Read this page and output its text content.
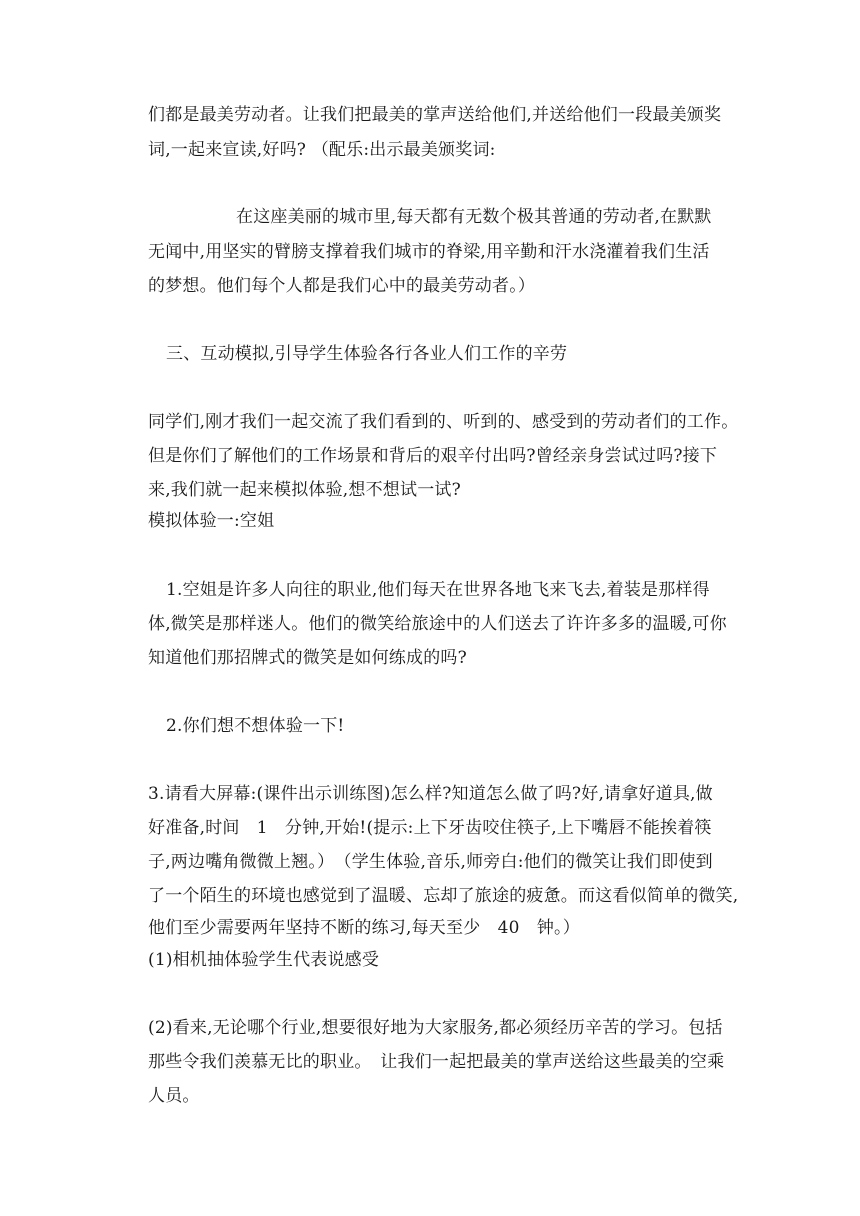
们都是最美劳动者。让我们把最美的掌声送给他们,并送给他们一段最美颁奖
词,一起来宣读,好吗? （配乐:出示最美颁奖词:
在这座美丽的城市里,每天都有无数个极其普通的劳动者,在默默
无闻中,用坚实的臂膀支撑着我们城市的脊梁,用辛勤和汗水浇灌着我们生活
的梦想。他们每个人都是我们心中的最美劳动者。）
三、互动模拟,引导学生体验各行各业人们工作的辛劳
同学们,刚才我们一起交流了我们看到的、听到的、感受到的劳动者们的工作。
但是你们了解他们的工作场景和背后的艰辛付出吗?曾经亲身尝试过吗?接下
来,我们就一起来模拟体验,想不想试一试?
模拟体验一:空姐
1.空姐是许多人向往的职业,他们每天在世界各地飞来飞去,着装是那样得
体,微笑是那样迷人。他们的微笑给旅途中的人们送去了许许多多的温暖,可你
知道他们那招牌式的微笑是如何练成的吗?
2.你们想不想体验一下!
3.请看大屏幕:(课件出示训练图)怎么样?知道怎么做了吗?好,请拿好道具,做
好准备,时间　1　分钟,开始!(提示:上下牙齿咬住筷子,上下嘴唇不能挨着筷
子,两边嘴角微微上翘。）　（学生体验,音乐,师旁白:他们的微笑让我们即使到
了一个陌生的环境也感觉到了温暖、忘却了旅途的疲惫。而这看似简单的微笑,
他们至少需要两年坚持不断的练习,每天至少　40　钟。）
(1)相机抽体验学生代表说感受
(2)看来,无论哪个行业,想要很好地为大家服务,都必须经历辛苦的学习。包括
那些令我们羡慕无比的职业。　让我们一起把最美的掌声送给这些最美的空乘
人员。
